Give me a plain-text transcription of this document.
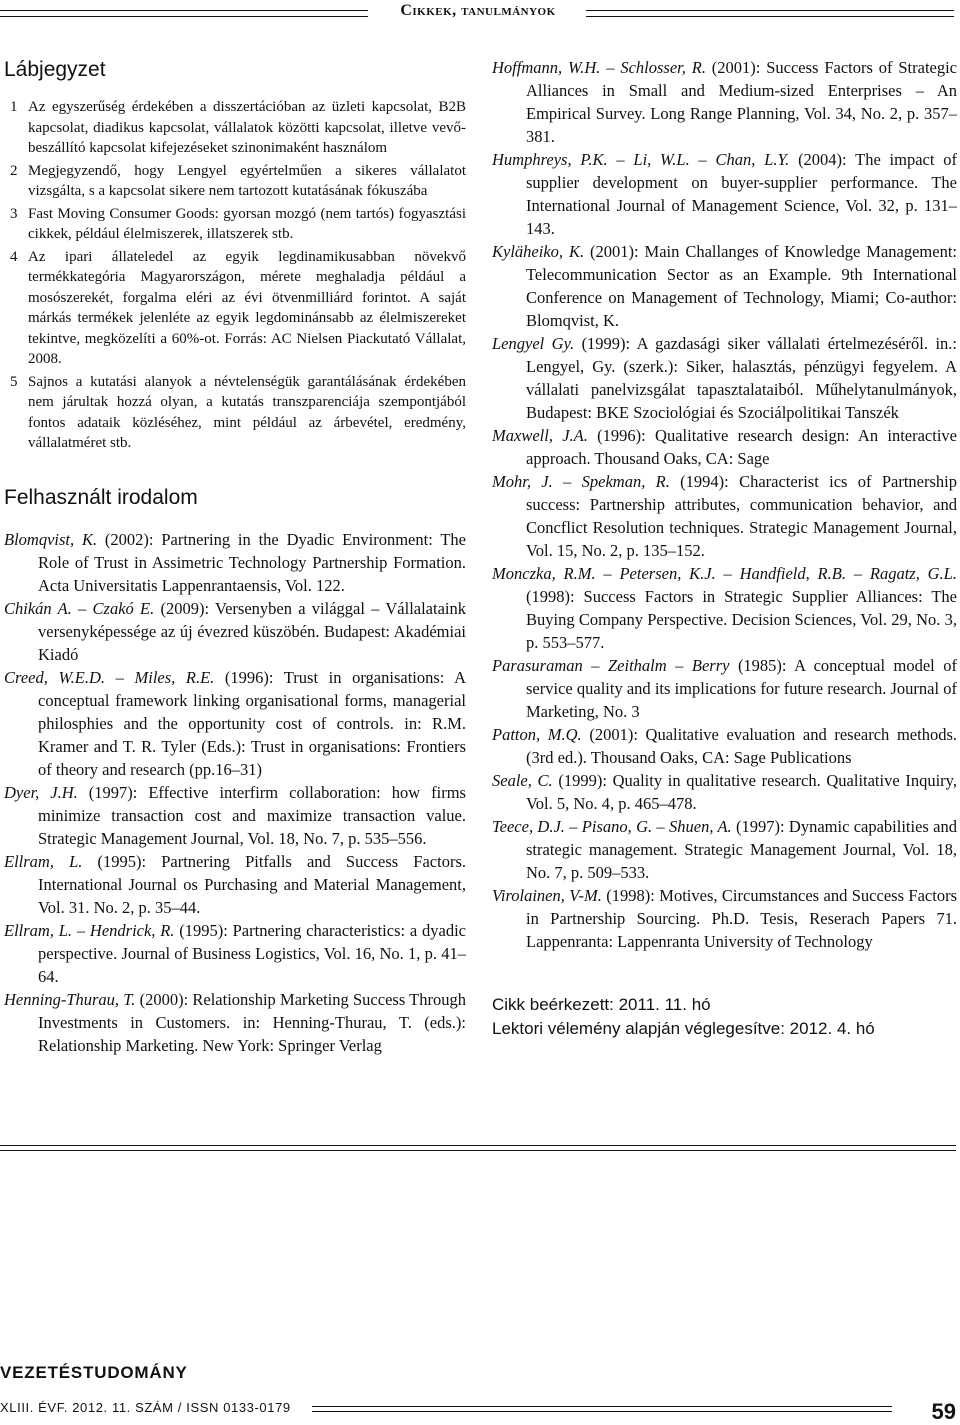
Cikkek, tanulmányok
Lábjegyzet
1 Az egyszerűség érdekében a disszertációban az üzleti kapcsolat, B2B kapcsolat, diadikus kapcsolat, vállalatok közötti kapcsolat, illetve vevő-beszállító kapcsolat kifejezéseket szinonimaként használom
2 Megjegyzendő, hogy Lengyel egyértelműen a sikeres vállalatot vizsgálta, s a kapcsolat sikere nem tartozott kutatásának fókuszába
3 Fast Moving Consumer Goods: gyorsan mozgó (nem tartós) fogyasztási cikkek, például élelmiszerek, illatszerek stb.
4 Az ipari állateledel az egyik legdinamikusabban növekvő termékkategória Magyarországon, mérete meghaladja például a mosószerekét, forgalma eléri az évi ötvenmilliárd forintot. A saját márkás termékek jelenléte az egyik legdominánsabb az élelmiszereket tekintve, megközelíti a 60%-ot. Forrás: AC Nielsen Piackutató Vállalat, 2008.
5 Sajnos a kutatási alanyok a névtelenségük garantálásának érdekében nem járultak hozzá olyan, a kutatás transzparenciája szempontjából fontos adataik közléséhez, mint például az árbevétel, eredmény, vállalatméret stb.
Felhasznált irodalom

Blomqvist, K. (2002): Partnering in the Dyadic Environment: The Role of Trust in Assimetric Technology Partnership Formation. Acta Universitatis Lappenrantaensis, Vol. 122.

Chikán A. – Czakó E. (2009): Versenyben a világgal – Vállalataink versenyképessége az új évezred küszöbén. Budapest: Akadémiai Kiadó

Creed, W.E.D. – Miles, R.E. (1996): Trust in organisations: A conceptual framework linking organisational forms, managerial philosphies and the opportunity cost of controls. in: R.M. Kramer and T. R. Tyler (Eds.): Trust in organisations: Frontiers of theory and research (pp.16–31)

Dyer, J.H. (1997): Effective interfirm collaboration: how firms minimize transaction cost and maximize transaction value. Strategic Management Journal, Vol. 18, No. 7, p. 535–556.

Ellram, L. (1995): Partnering Pitfalls and Success Factors. International Journal os Purchasing and Material Management, Vol. 31. No. 2, p. 35–44.

Ellram, L. – Hendrick, R. (1995): Partnering characteristics: a dyadic perspective. Journal of Business Logistics, Vol. 16, No. 1, p. 41–64.

Henning-Thurau, T. (2000): Relationship Marketing Success Through Investments in Customers. in: Henning-Thurau, T. (eds.): Relationship Marketing. New York: Springer Verlag

Hoffmann, W.H. – Schlosser, R. (2001): Success Factors of Strategic Alliances in Small and Medium-sized Enterprises – An Empirical Survey. Long Range Planning, Vol. 34, No. 2, p. 357–381.

Humphreys, P.K. – Li, W.L. – Chan, L.Y. (2004): The impact of supplier development on buyer-supplier performance. The International Journal of Management Science, Vol. 32, p. 131–143.

Kyläheiko, K. (2001): Main Challanges of Knowledge Management: Telecommunication Sector as an Example. 9th International Conference on Management of Technology, Miami; Co-author: Blomqvist, K.

Lengyel Gy. (1999): A gazdasági siker vállalati értelmezéséről. in.: Lengyel, Gy. (szerk.): Siker, halasztás, pénzügyi fegyelem. A vállalati panelvizsgálat tapasztalataiból. Műhelytanulmányok, Budapest: BKE Szociológiai és Szociálpolitikai Tanszék

Maxwell, J.A. (1996): Qualitative research design: An interactive approach. Thousand Oaks, CA: Sage

Mohr, J. – Spekman, R. (1994): Characterist ics of Partnership success: Partnership attributes, communication behavior, and Concflict Resolution techniques. Strategic Management Journal, Vol. 15, No. 2, p. 135–152.

Monczka, R.M. – Petersen, K.J. – Handfield, R.B. – Ragatz, G.L. (1998): Success Factors in Strategic Supplier Alliances: The Buying Company Perspective. Decision Sciences, Vol. 29, No. 3, p. 553–577.

Parasuraman – Zeithalm – Berry (1985): A conceptual model of service quality and its implications for future research. Journal of Marketing, No. 3

Patton, M.Q. (2001): Qualitative evaluation and research methods. (3rd ed.). Thousand Oaks, CA: Sage Publications

Seale, C. (1999): Quality in qualitative research. Qualitative Inquiry, Vol. 5, No. 4, p. 465–478.

Teece, D.J. – Pisano, G. – Shuen, A. (1997): Dynamic capabilities and strategic management. Strategic Management Journal, Vol. 18, No. 7, p. 509–533.

Virolainen, V-M. (1998): Motives, Circumstances and Success Factors in Partnership Sourcing. Ph.D. Tesis, Reserach Papers 71. Lappenranta: Lappenranta University of Technology

Cikk beérkezett: 2011. 11. hó
Lektori vélemény alapján véglegesítve: 2012. 4. hó
VEZETÉSTUDOMÁNY
XLIII. ÉVF. 2012. 11. SZÁM / ISSN 0133-0179	59
